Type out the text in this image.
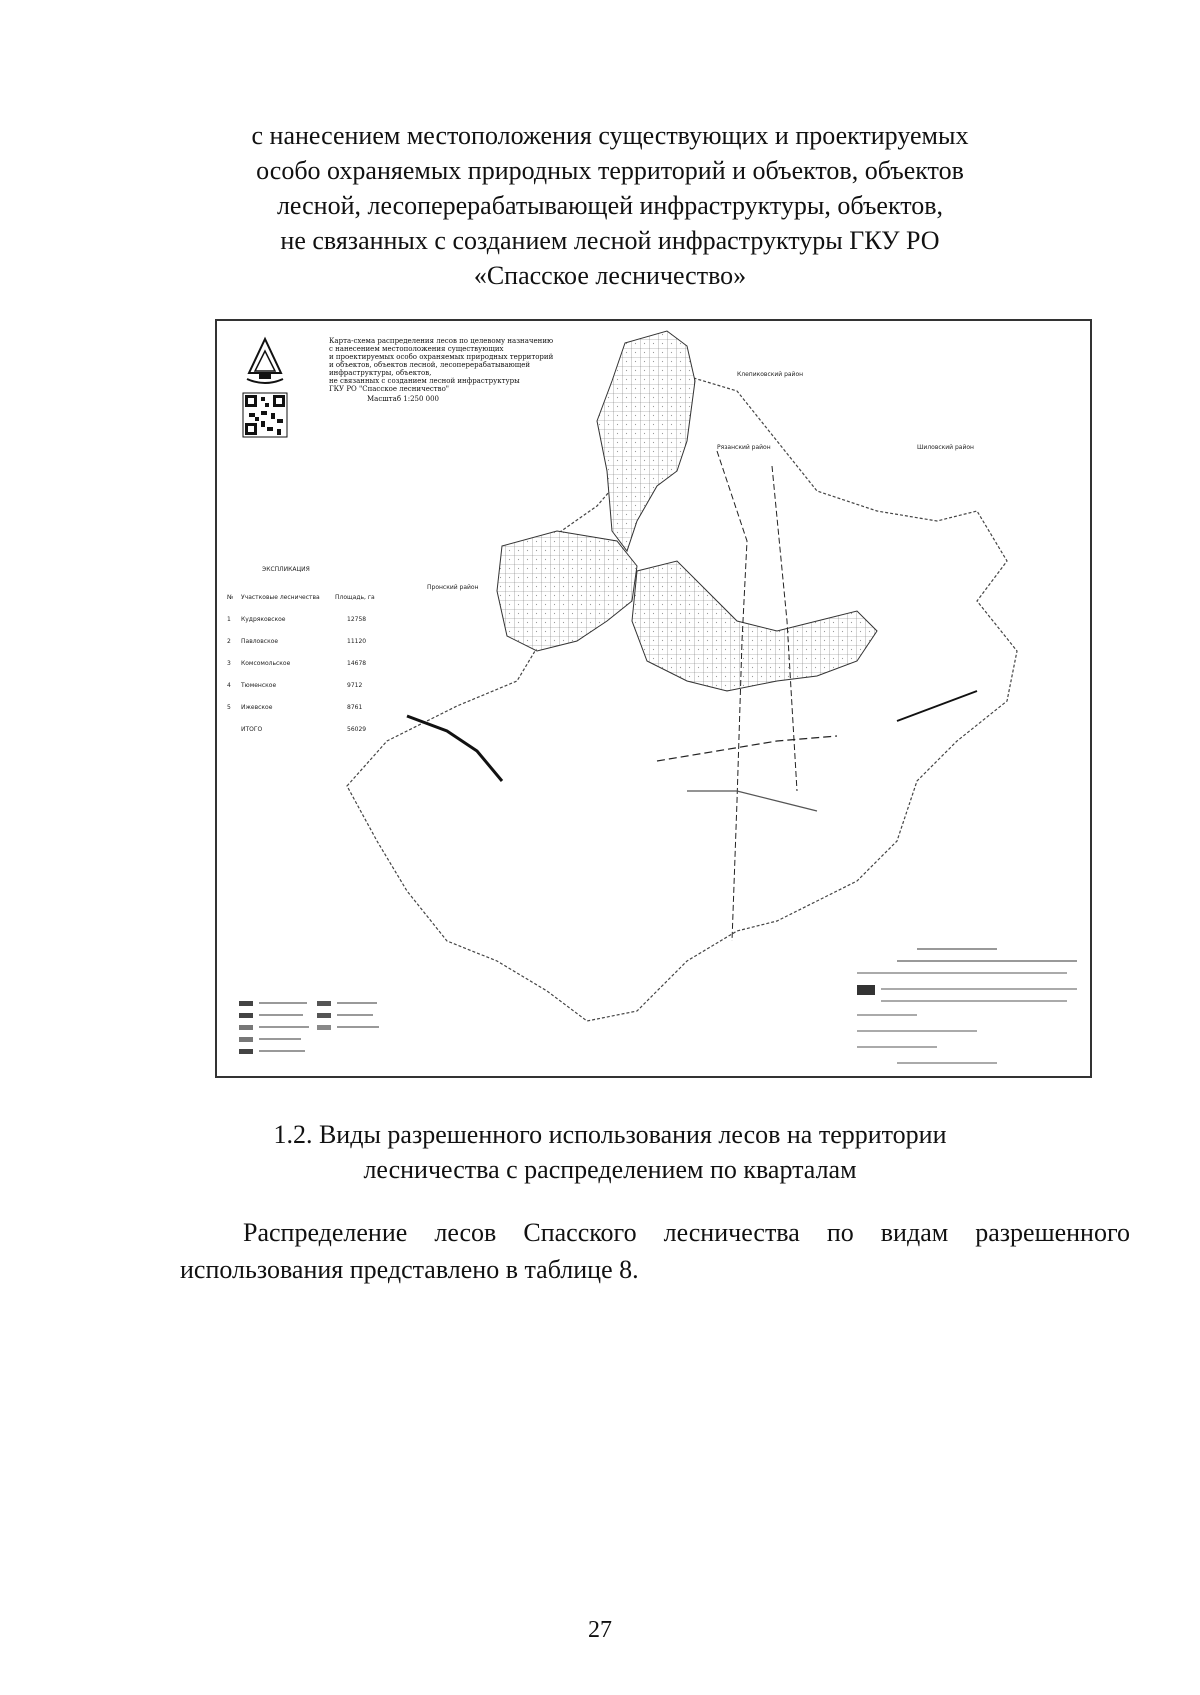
с нанесением местоположения существующих и проектируемых
особо охраняемых природных территорий и объектов, объектов
лесной, лесоперерабатывающей инфраструктуры, объектов,
не связанных с созданием лесной инфраструктуры ГКУ РО
«Спасское лесничество»
Карта-схема распределения лесов по целевому назначению
с нанесением местоположения существующих
и проектируемых особо охраняемых природных территорий
и объектов, объектов лесной, лесоперерабатывающей
инфраструктуры, объектов,
не связанных с созданием лесной инфраструктуры
ГКУ РО "Спасское лесничество"
Масштаб 1:250 000
Клепиковский район
Рязанский район	Шиловский район
Пронский район
ЭКСПЛИКАЦИЯ
№ Участковые лесничества	Площадь, га
1 Кудряковское	12758
2 Павловское	11120
3 Комсомольское	14678
4 Тюменское	9712
5 Ижевское	8761
ИТОГО	56029
1.2. Виды разрешенного использования лесов на территории
лесничества с распределением по кварталам
Распределение лесов Спасского лесничества по видам разрешенного
использования представлено в таблице 8.
27
